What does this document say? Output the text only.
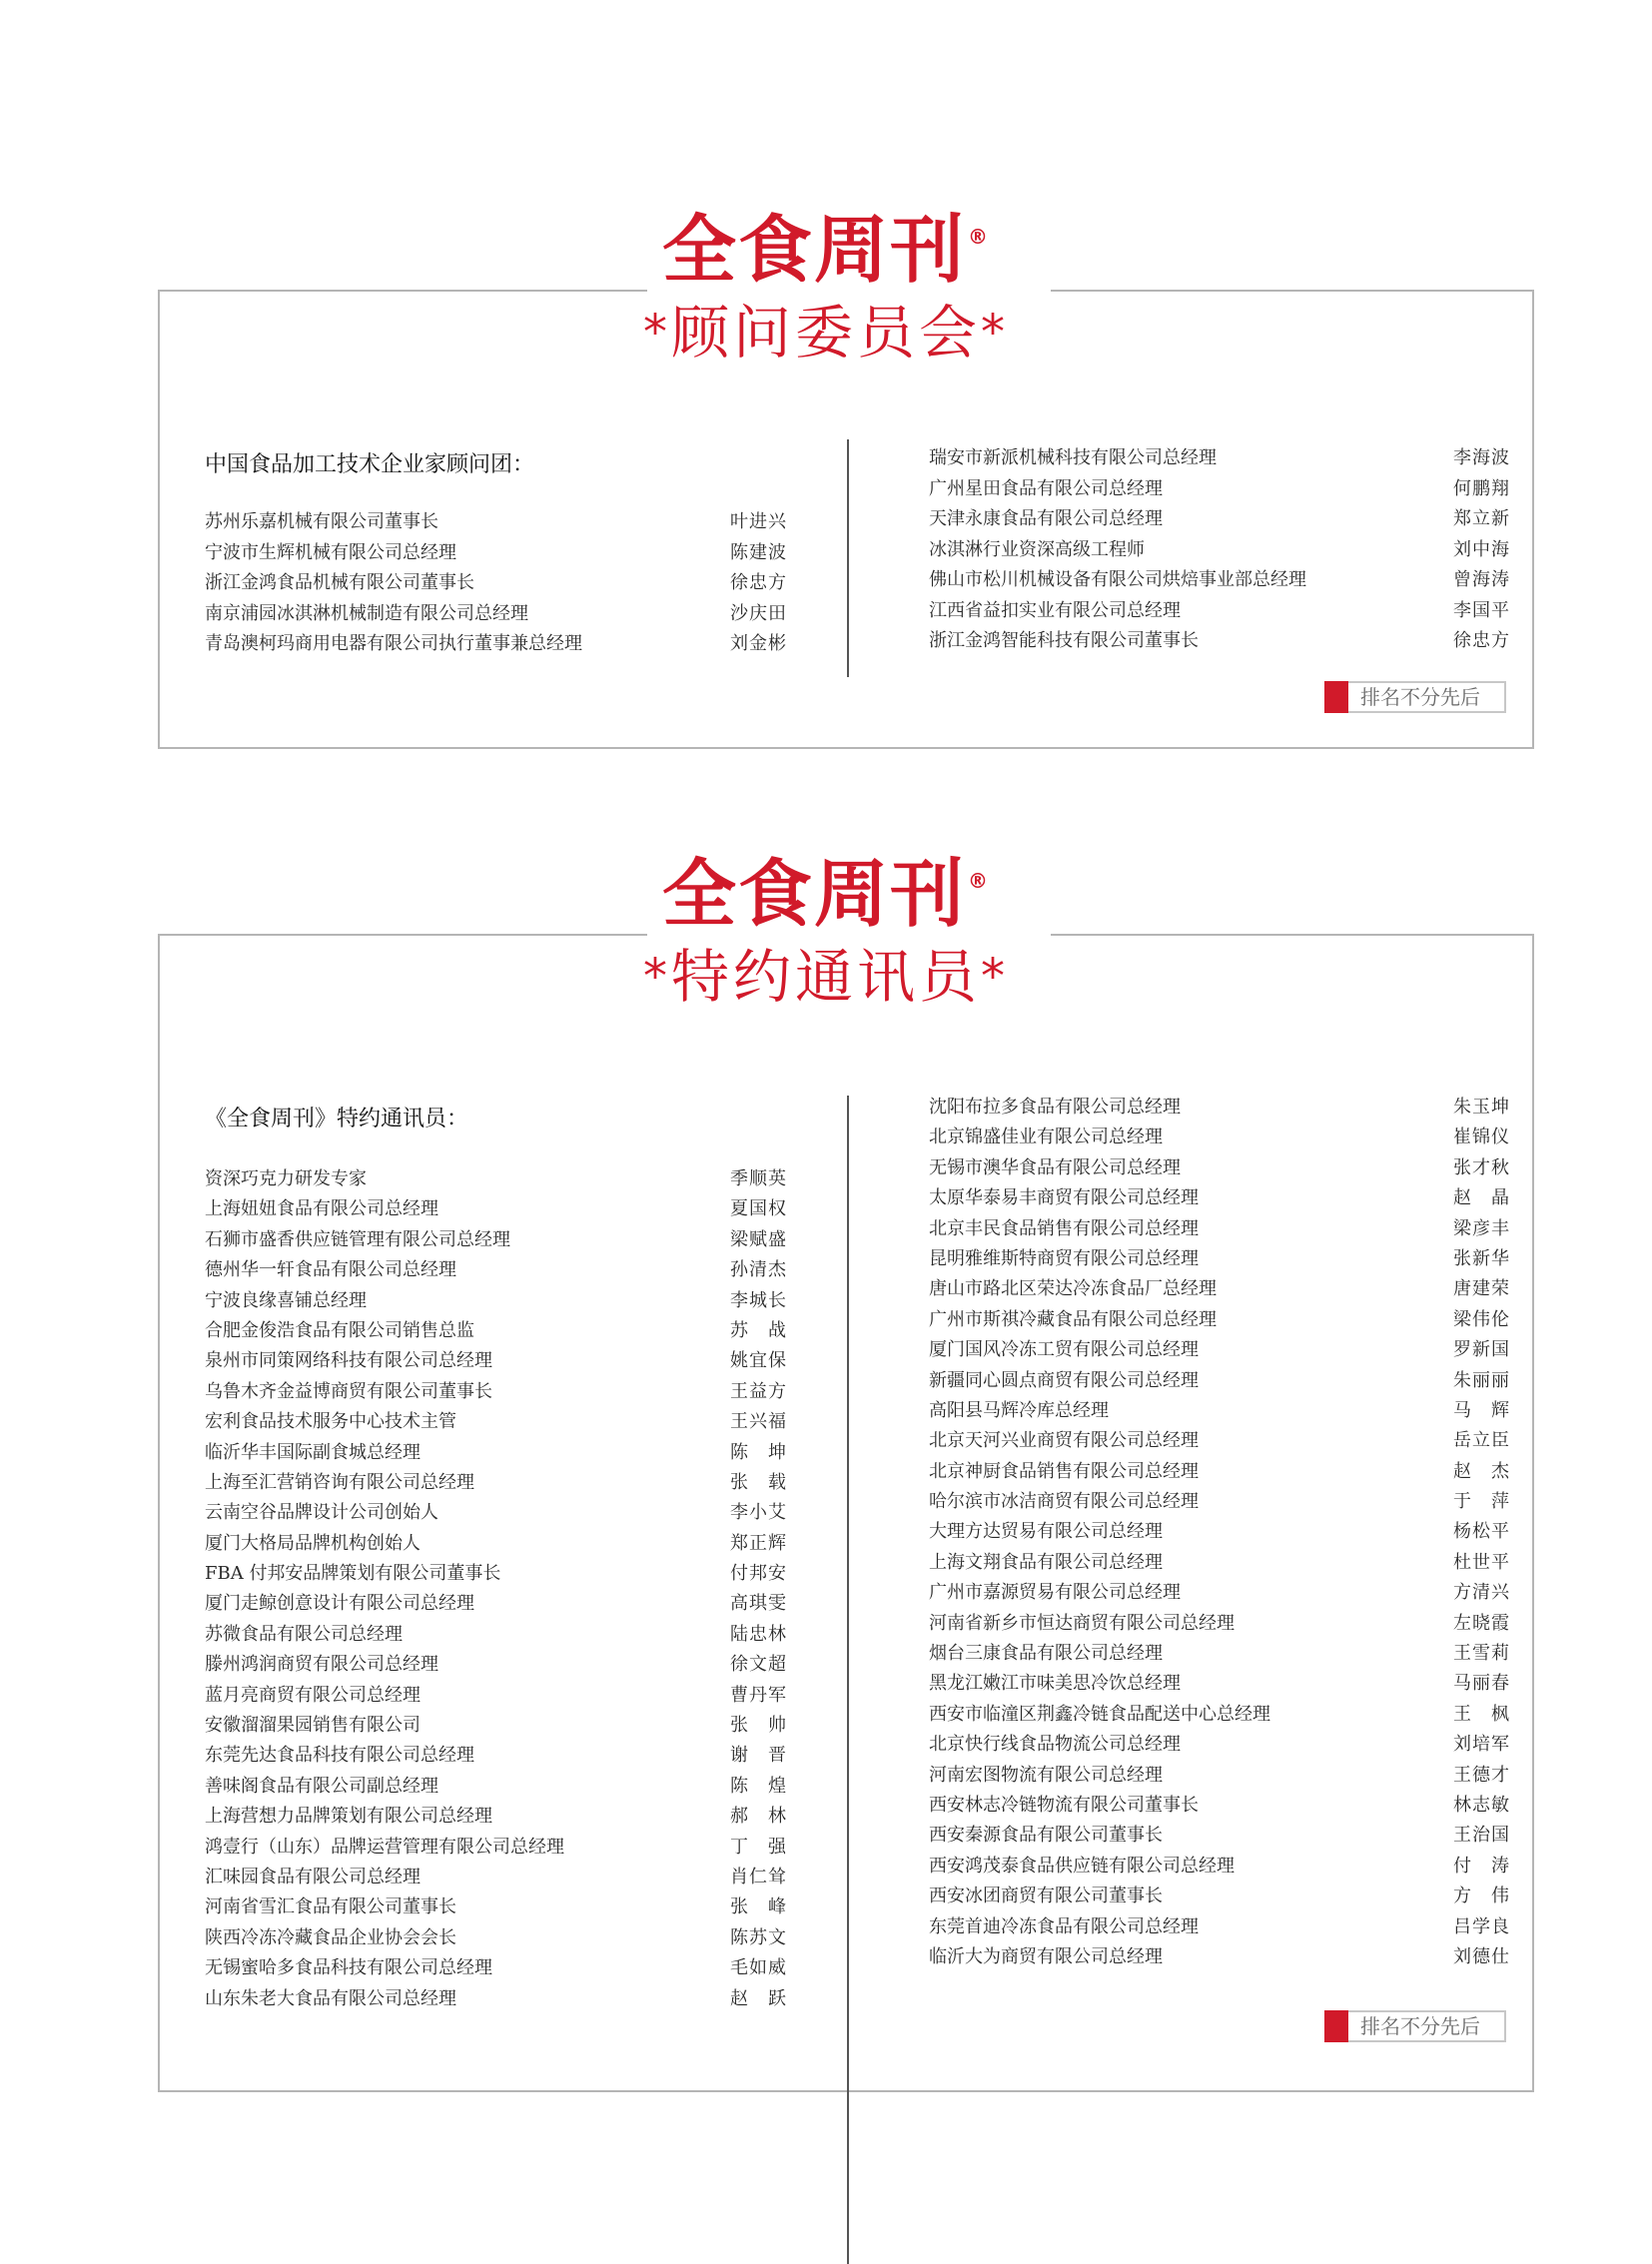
全食周刊 ®
*顾问委员会*
中国食品加工技术企业家顾问团：
苏州乐嘉机械有限公司董事长	叶进兴
宁波市生辉机械有限公司总经理	陈建波
浙江金鸿食品机械有限公司董事长	徐忠方
南京浦园冰淇淋机械制造有限公司总经理	沙庆田
青岛澳柯玛商用电器有限公司执行董事兼总经理	刘金彬
瑞安市新派机械科技有限公司总经理	李海波
广州星田食品有限公司总经理	何鹏翔
天津永康食品有限公司总经理	郑立新
冰淇淋行业资深高级工程师	刘中海
佛山市松川机械设备有限公司烘焙事业部总经理	曾海涛
江西省益扣实业有限公司总经理	李国平
浙江金鸿智能科技有限公司董事长	徐忠方
排名不分先后
全食周刊 ®
*特约通讯员*
《全食周刊》特约通讯员：
资深巧克力研发专家	季顺英
上海妞妞食品有限公司总经理	夏国权
石狮市盛香供应链管理有限公司总经理	梁赋盛
德州华一轩食品有限公司总经理	孙清杰
宁波良缘喜铺总经理	李城长
合肥金俊浩食品有限公司销售总监	苏　战
泉州市同策网络科技有限公司总经理	姚宜保
乌鲁木齐金益博商贸有限公司董事长	王益方
宏利食品技术服务中心技术主管	王兴福
临沂华丰国际副食城总经理	陈　坤
上海至汇营销咨询有限公司总经理	张　载
云南空谷品牌设计公司创始人	李小艾
厦门大格局品牌机构创始人	郑正辉
FBA 付邦安品牌策划有限公司董事长	付邦安
厦门走鲸创意设计有限公司总经理	高琪雯
苏微食品有限公司总经理	陆忠林
滕州鸿润商贸有限公司总经理	徐文超
蓝月亮商贸有限公司总经理	曹丹军
安徽溜溜果园销售有限公司	张　帅
东莞先达食品科技有限公司总经理	谢　晋
善味阁食品有限公司副总经理	陈　煌
上海营想力品牌策划有限公司总经理	郝　林
鸿壹行（山东）品牌运营管理有限公司总经理	丁　强
汇味园食品有限公司总经理	肖仁耸
河南省雪汇食品有限公司董事长	张　峰
陕西冷冻冷藏食品企业协会会长	陈苏文
无锡蜜哈多食品科技有限公司总经理	毛如威
山东朱老大食品有限公司总经理	赵　跃
沈阳布拉多食品有限公司总经理	朱玉坤
北京锦盛佳业有限公司总经理	崔锦仪
无锡市澳华食品有限公司总经理	张才秋
太原华泰易丰商贸有限公司总经理	赵　晶
北京丰民食品销售有限公司总经理	梁彦丰
昆明雅维斯特商贸有限公司总经理	张新华
唐山市路北区荣达冷冻食品厂总经理	唐建荣
广州市斯祺冷藏食品有限公司总经理	梁伟伦
厦门国风冷冻工贸有限公司总经理	罗新国
新疆同心圆点商贸有限公司总经理	朱丽丽
高阳县马辉冷库总经理	马　辉
北京天河兴业商贸有限公司总经理	岳立臣
北京神厨食品销售有限公司总经理	赵　杰
哈尔滨市冰洁商贸有限公司总经理	于　萍
大理方达贸易有限公司总经理	杨松平
上海文翔食品有限公司总经理	杜世平
广州市嘉源贸易有限公司总经理	方清兴
河南省新乡市恒达商贸有限公司总经理	左晓霞
烟台三康食品有限公司总经理	王雪莉
黑龙江嫩江市味美思冷饮总经理	马丽春
西安市临潼区荆鑫冷链食品配送中心总经理	王　枫
北京快行线食品物流公司总经理	刘培军
河南宏图物流有限公司总经理	王德才
西安林志冷链物流有限公司董事长	林志敏
西安秦源食品有限公司董事长	王治国
西安鸿茂泰食品供应链有限公司总经理	付　涛
西安冰团商贸有限公司董事长	方　伟
东莞首迪冷冻食品有限公司总经理	吕学良
临沂大为商贸有限公司总经理	刘德仕
排名不分先后
